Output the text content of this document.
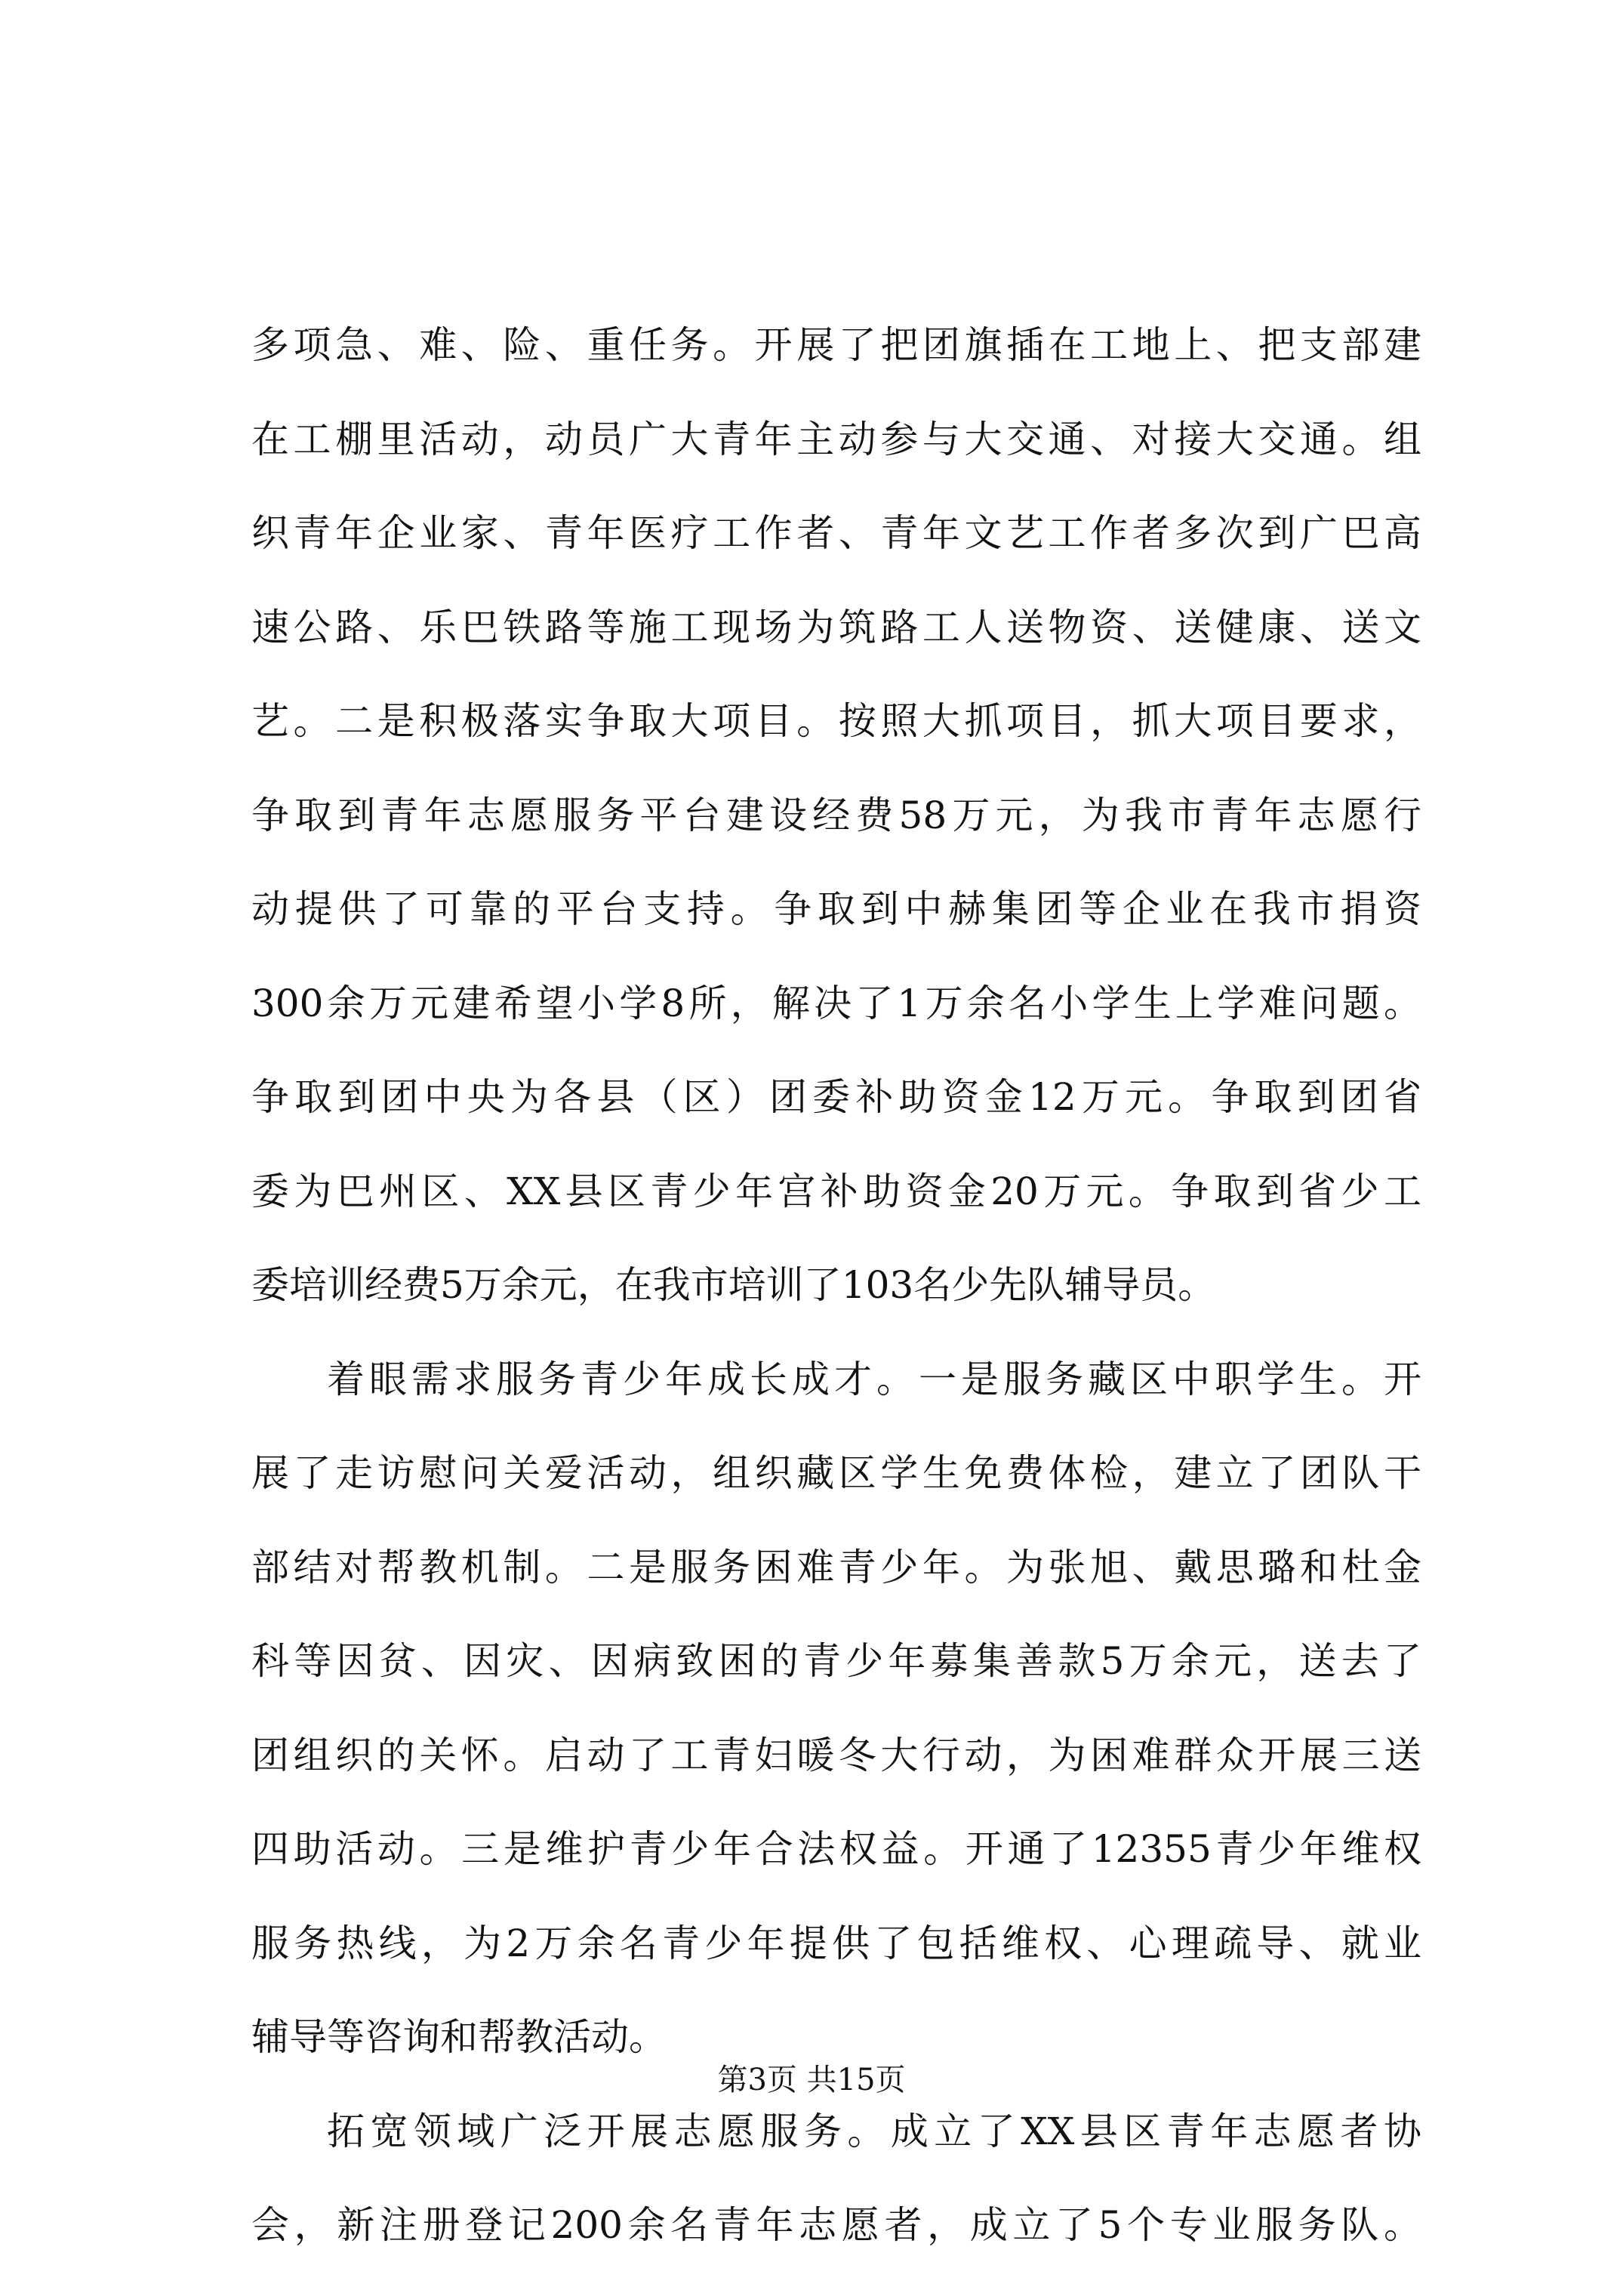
多项急、难、险、重任务。开展了把团旗插在工地上、把支部建
在工棚里活动，动员广大青年主动参与大交通、对接大交通。组
织青年企业家、青年医疗工作者、青年文艺工作者多次到广巴高
速公路、乐巴铁路等施工现场为筑路工人送物资、送健康、送文
艺。二是积极落实争取大项目。按照大抓项目，抓大项目要求，
争取到青年志愿服务平台建设经费58万元，为我市青年志愿行
动提供了可靠的平台支持。争取到中赫集团等企业在我市捐资
300余万元建希望小学8所，解决了1万余名小学生上学难问题。
争取到团中央为各县（区）团委补助资金12万元。争取到团省
委为巴州区、XX县区青少年宫补助资金20万元。争取到省少工
委培训经费5万余元，在我市培训了103名少先队辅导员。
着眼需求服务青少年成长成才。一是服务藏区中职学生。开
展了走访慰问关爱活动，组织藏区学生免费体检，建立了团队干
部结对帮教机制。二是服务困难青少年。为张旭、戴思璐和杜金
科等因贫、因灾、因病致困的青少年募集善款5万余元，送去了
团组织的关怀。启动了工青妇暖冬大行动，为困难群众开展三送
四助活动。三是维护青少年合法权益。开通了12355青少年维权
服务热线，为2万余名青少年提供了包括维权、心理疏导、就业
辅导等咨询和帮教活动。
拓宽领域广泛开展志愿服务。成立了XX县区青年志愿者协
会，新注册登记200余名青年志愿者，成立了5个专业服务队。
第3页 共15页
